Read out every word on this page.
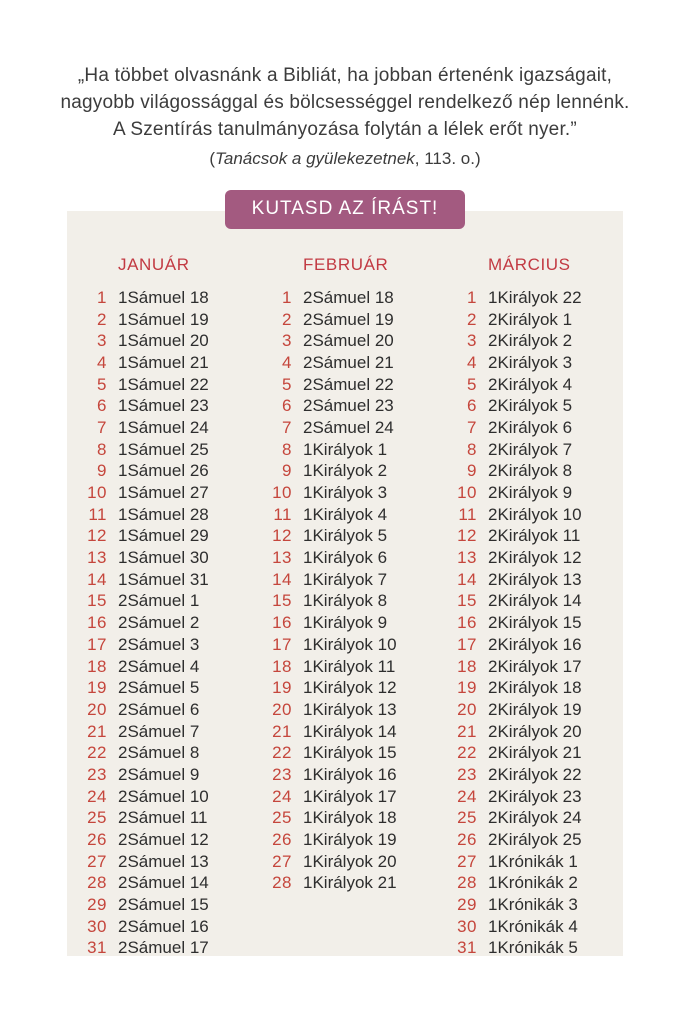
„Ha többet olvasnánk a Bibliát, ha jobban értenénk igazságait,
nagyobb világossággal és bölcsességgel rendelkező nép lennénk.
A Szentírás tanulmányozása folytán a lélek erőt nyer.”
(Tanácsok a gyülekezetnek, 113. o.)
KUTASD AZ ÍRÁST!
JANUÁR
1 1Sámuel 18
2 1Sámuel 19
3 1Sámuel 20
4 1Sámuel 21
5 1Sámuel 22
6 1Sámuel 23
7 1Sámuel 24
8 1Sámuel 25
9 1Sámuel 26
10 1Sámuel 27
11 1Sámuel 28
12 1Sámuel 29
13 1Sámuel 30
14 1Sámuel 31
15 2Sámuel 1
16 2Sámuel 2
17 2Sámuel 3
18 2Sámuel 4
19 2Sámuel 5
20 2Sámuel 6
21 2Sámuel 7
22 2Sámuel 8
23 2Sámuel 9
24 2Sámuel 10
25 2Sámuel 11
26 2Sámuel 12
27 2Sámuel 13
28 2Sámuel 14
29 2Sámuel 15
30 2Sámuel 16
31 2Sámuel 17
FEBRUÁR
1 2Sámuel 18
2 2Sámuel 19
3 2Sámuel 20
4 2Sámuel 21
5 2Sámuel 22
6 2Sámuel 23
7 2Sámuel 24
8 1Királyok 1
9 1Királyok 2
10 1Királyok 3
11 1Királyok 4
12 1Királyok 5
13 1Királyok 6
14 1Királyok 7
15 1Királyok 8
16 1Királyok 9
17 1Királyok 10
18 1Királyok 11
19 1Királyok 12
20 1Királyok 13
21 1Királyok 14
22 1Királyok 15
23 1Királyok 16
24 1Királyok 17
25 1Királyok 18
26 1Királyok 19
27 1Királyok 20
28 1Királyok 21
MÁRCIUS
1 1Királyok 22
2 2Királyok 1
3 2Királyok 2
4 2Királyok 3
5 2Királyok 4
6 2Királyok 5
7 2Királyok 6
8 2Királyok 7
9 2Királyok 8
10 2Királyok 9
11 2Királyok 10
12 2Királyok 11
13 2Királyok 12
14 2Királyok 13
15 2Királyok 14
16 2Királyok 15
17 2Királyok 16
18 2Királyok 17
19 2Királyok 18
20 2Királyok 19
21 2Királyok 20
22 2Királyok 21
23 2Királyok 22
24 2Királyok 23
25 2Királyok 24
26 2Királyok 25
27 1Krónikák 1
28 1Krónikák 2
29 1Krónikák 3
30 1Krónikák 4
31 1Krónikák 5
